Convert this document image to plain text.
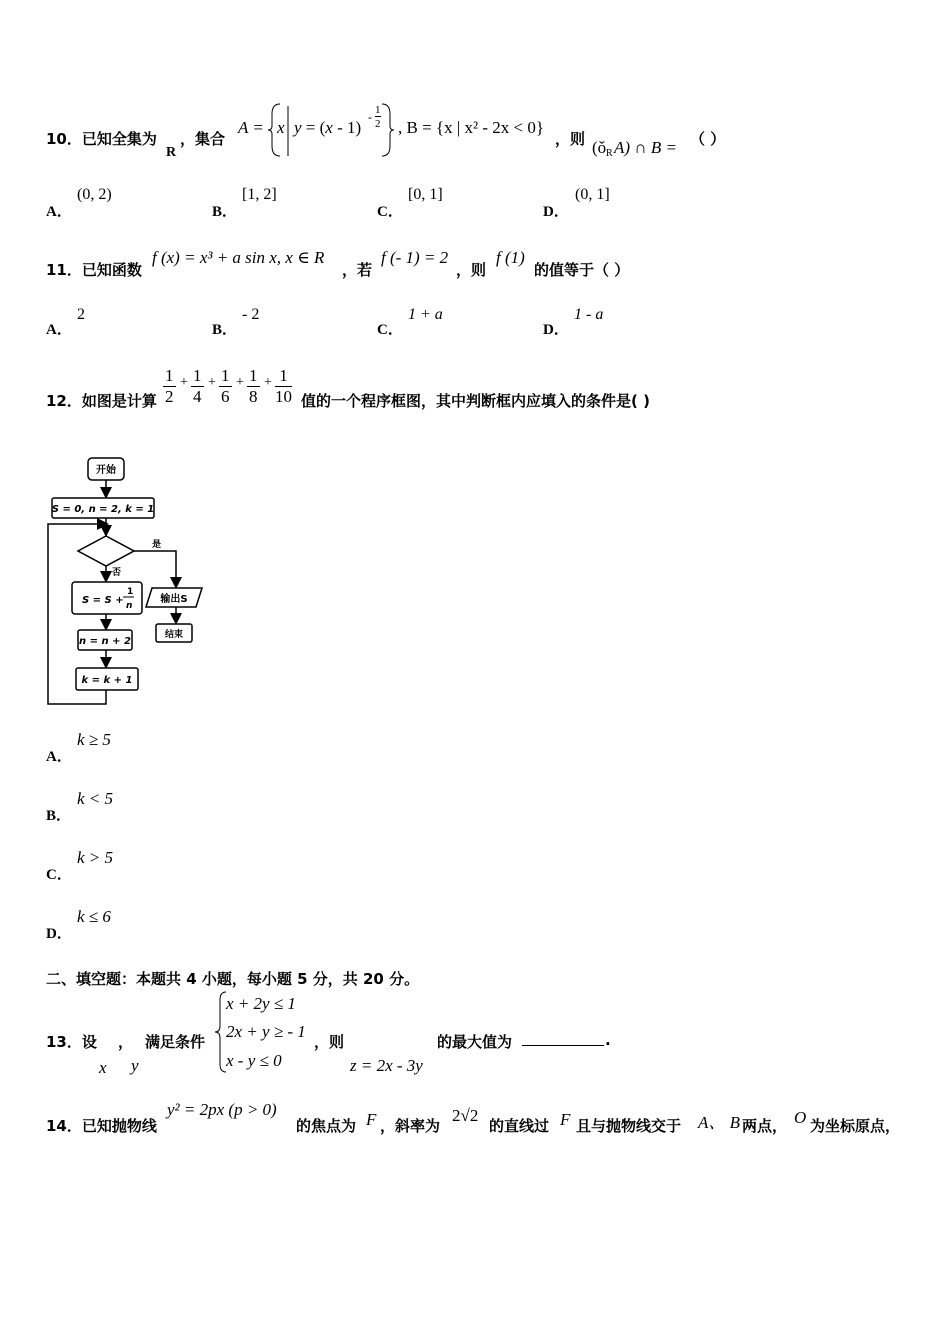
10．已知全集为
R
，集合
A = x y = (x - 1)
- 1
2 , B = {x | x² - 2x < 0}
，则 (ǒ R A) ∩ B = （ ）
A．
(0, 2)
B．
[1, 2]
C．
[0, 1]
D．
(0, 1]
11．已知函数
f (x) = x³ + a sin x, x ∈ R
，若
f (- 1) = 2
，则
f (1)
的值等于（ ）
A．
2
B．
- 2
C．
1 + a
D．
1 - a
12．如图是计算 $\frac{1}{2} + \frac{1}{4} + \frac{1}{6} + \frac{1}{8} + \frac{1}{10}$ 值的一个程序框图，其中判断框内应填入的条件是( )
开始
S = 0, n = 2, k = 1
是
否
S = S +
1
n
输出S
结束
n = n + 2
k = k + 1
A．
k ≥ 5
B．
k < 5
C．
k > 5
D．
k ≤ 6
二、填空题：本题共 4 小题，每小题 5 分，共 20 分。
13．设 ， 满足条件
x y
x + 2y ≤ 1
2x + y ≥ - 1
x - y ≤ 0
，则
z = 2x - 3y
的最大值为	.
14．已知抛物线
y² = 2px (p > 0)
的焦点为 F ，斜率为
2√2
的直线过 F 且与抛物线交于 A、 B 两点， O 为坐标原点，
